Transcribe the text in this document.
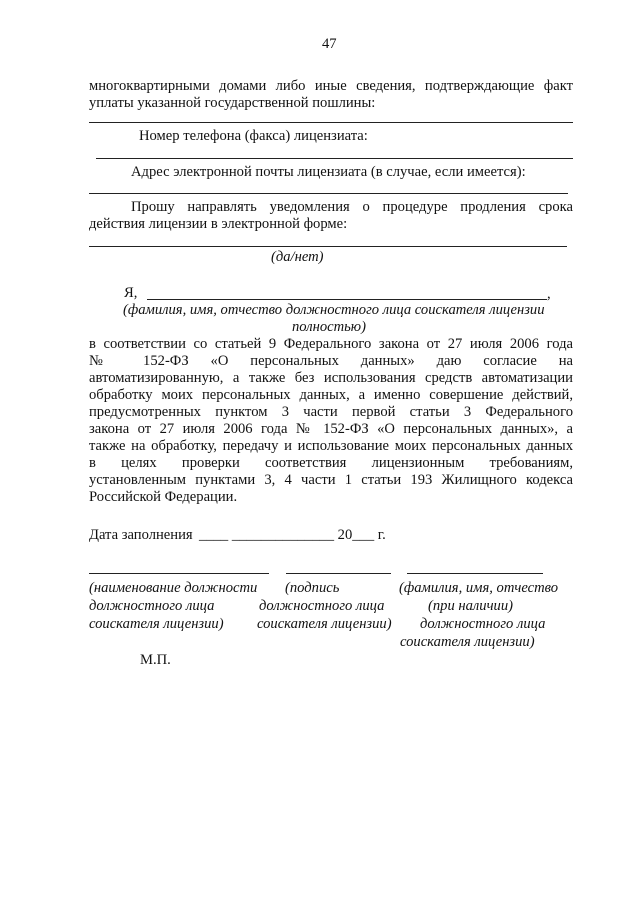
47
многоквартирными домами либо иные сведения, подтверждающие факт
уплаты указанной государственной пошлины:
Номер телефона (факса) лицензиата:
Адрес электронной почты лицензиата (в случае, если имеется):
Прошу направлять уведомления о процедуре продления срока
действия лицензии в электронной форме:
(да/нет)
Я,	,
(фамилия, имя, отчество должностного лица соискателя лицензии
полностью)
в соответствии со статьей 9 Федерального закона от 27 июля 2006 года
№ 152-ФЗ «О персональных данных» даю согласие на
автоматизированную, а также без использования средств автоматизации
обработку моих персональных данных, а именно совершение действий,
предусмотренных пунктом 3 части первой статьи 3 Федерального
закона от 27 июля 2006 года № 152-ФЗ «О персональных данных», а
также на обработку, передачу и использование моих персональных данных
в целях проверки соответствия лицензионным требованиям,
установленным пунктами 3, 4 части 1 статьи 193 Жилищного кодекса
Российской Федерации.
Дата заполнения ____ ______________ 20___ г.
(наименование должности
должностного лица
соискателя лицензии)
(подпись
должностного лица
соискателя лицензии)
(фамилия, имя, отчество
(при наличии)
должностного лица
соискателя лицензии)
М.П.
